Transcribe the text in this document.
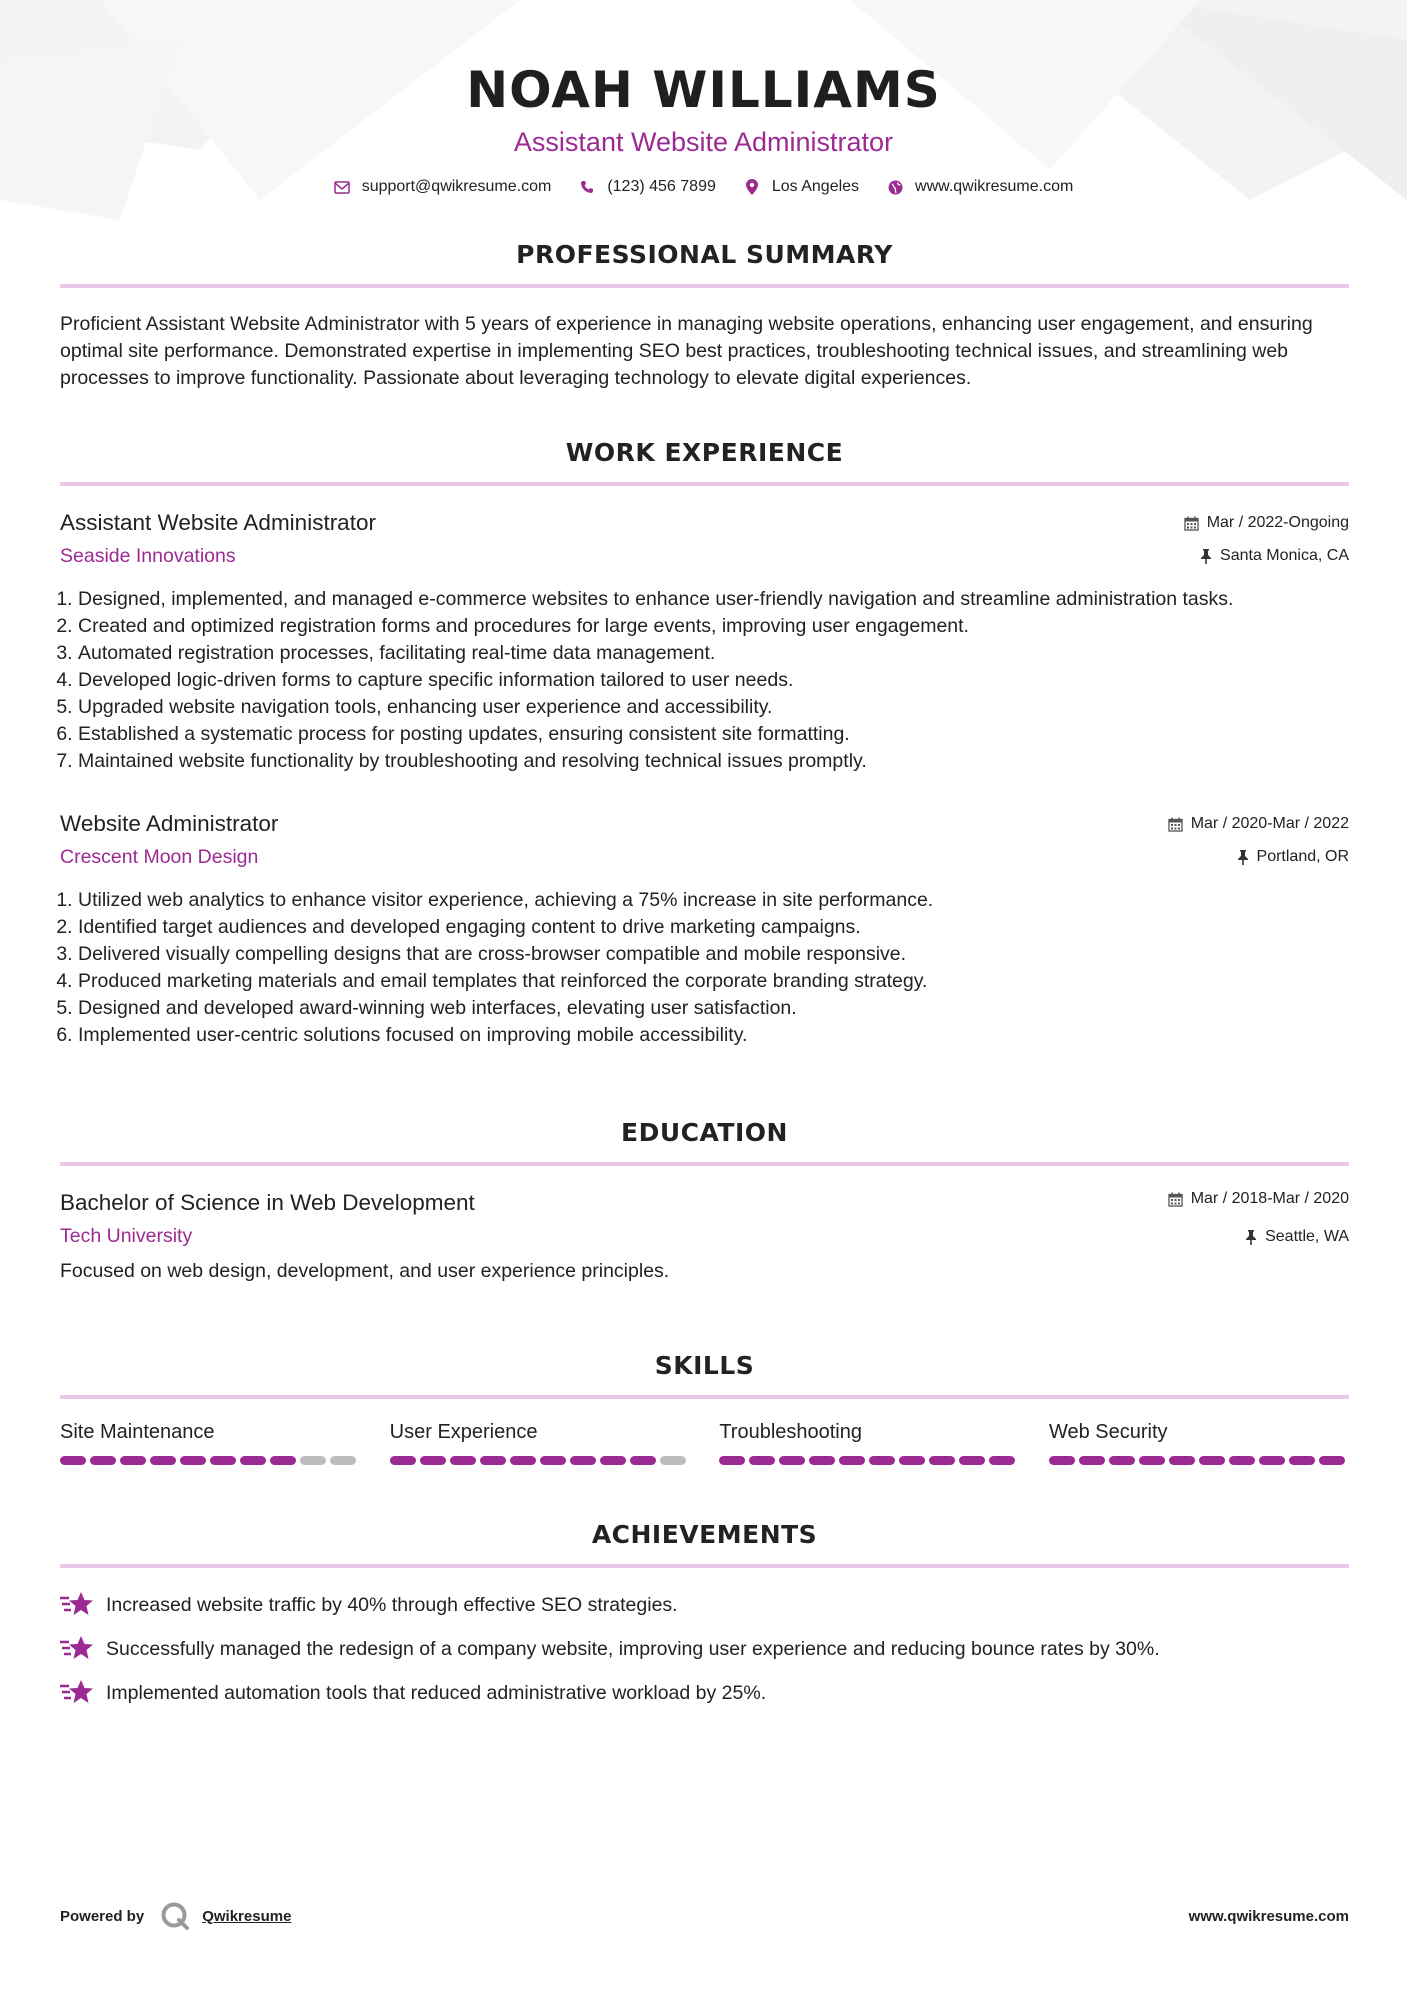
NOAH WILLIAMS
Assistant Website Administrator
support@qwikresume.com	(123) 456 7899	Los Angeles	www.qwikresume.com
PROFESSIONAL SUMMARY
Proficient Assistant Website Administrator with 5 years of experience in managing website operations, enhancing user engagement, and ensuring optimal site performance. Demonstrated expertise in implementing SEO best practices, troubleshooting technical issues, and streamlining web processes to improve functionality. Passionate about leveraging technology to elevate digital experiences.
WORK EXPERIENCE
Assistant Website Administrator
Seaside Innovations
Mar / 2022-Ongoing
Santa Monica, CA
1. Designed, implemented, and managed e-commerce websites to enhance user-friendly navigation and streamline administration tasks.
2. Created and optimized registration forms and procedures for large events, improving user engagement.
3. Automated registration processes, facilitating real-time data management.
4. Developed logic-driven forms to capture specific information tailored to user needs.
5. Upgraded website navigation tools, enhancing user experience and accessibility.
6. Established a systematic process for posting updates, ensuring consistent site formatting.
7. Maintained website functionality by troubleshooting and resolving technical issues promptly.
Website Administrator
Crescent Moon Design
Mar / 2020-Mar / 2022
Portland, OR
1. Utilized web analytics to enhance visitor experience, achieving a 75% increase in site performance.
2. Identified target audiences and developed engaging content to drive marketing campaigns.
3. Delivered visually compelling designs that are cross-browser compatible and mobile responsive.
4. Produced marketing materials and email templates that reinforced the corporate branding strategy.
5. Designed and developed award-winning web interfaces, elevating user satisfaction.
6. Implemented user-centric solutions focused on improving mobile accessibility.
EDUCATION
Bachelor of Science in Web Development
Tech University
Mar / 2018-Mar / 2020
Seattle, WA
Focused on web design, development, and user experience principles.
SKILLS
Site Maintenance	User Experience	Troubleshooting	Web Security
ACHIEVEMENTS
Increased website traffic by 40% through effective SEO strategies.
Successfully managed the redesign of a company website, improving user experience and reducing bounce rates by 30%.
Implemented automation tools that reduced administrative workload by 25%.
Powered by	Qwikresume	www.qwikresume.com
